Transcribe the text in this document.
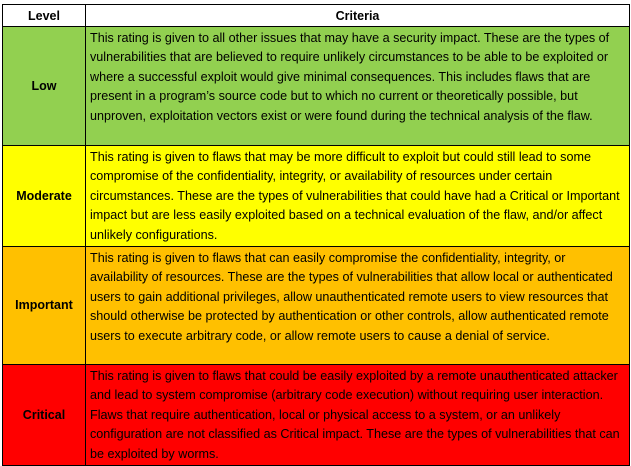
Level	Criteria
Low	This rating is given to all other issues that may have a security impact. These are the types of vulnerabilities that are believed to require unlikely circumstances to be able to be exploited or where a successful exploit would give minimal consequences. This includes flaws that are present in a program’s source code but to which no current or theoretically possible, but unproven, exploitation vectors exist or were found during the technical analysis of the flaw.
Moderate	This rating is given to flaws that may be more difficult to exploit but could still lead to some compromise of the confidentiality, integrity, or availability of resources under certain circumstances. These are the types of vulnerabilities that could have had a Critical or Important impact but are less easily exploited based on a technical evaluation of the flaw, and/or affect unlikely configurations.
Important	This rating is given to flaws that can easily compromise the confidentiality, integrity, or availability of resources. These are the types of vulnerabilities that allow local or authenticated users to gain additional privileges, allow unauthenticated remote users to view resources that should otherwise be protected by authentication or other controls, allow authenticated remote users to execute arbitrary code, or allow remote users to cause a denial of service.
Critical	This rating is given to flaws that could be easily exploited by a remote unauthenticated attacker and lead to system compromise (arbitrary code execution) without requiring user interaction. Flaws that require authentication, local or physical access to a system, or an unlikely configuration are not classified as Critical impact. These are the types of vulnerabilities that can be exploited by worms.
